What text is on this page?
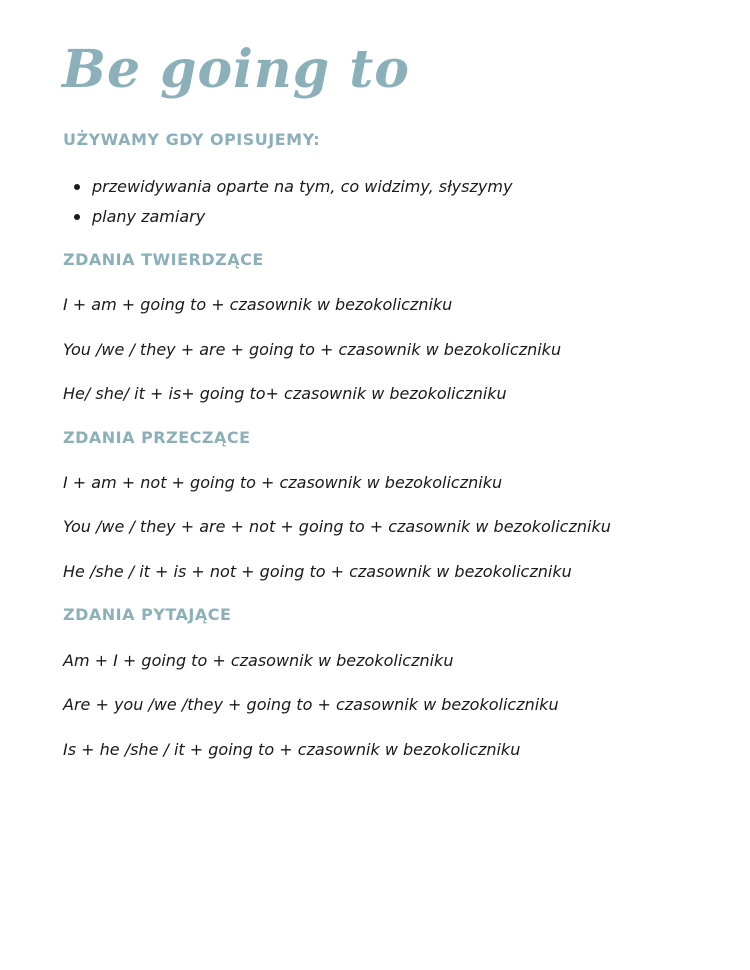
Be going to
UŻYWAMY GDY OPISUJEMY:
przewidywania oparte na tym, co widzimy, słyszymy
plany zamiary
ZDANIA TWIERDZĄCE

I + am + going to + czasownik w bezokoliczniku

You /we / they + are + going to + czasownik w bezokoliczniku

He/ she/ it + is+ going to+ czasownik w bezokoliczniku

ZDANIA PRZECZĄCE

I + am + not + going to + czasownik w bezokoliczniku

You /we / they + are + not + going to + czasownik w bezokoliczniku

He /she / it + is + not + going to + czasownik w bezokoliczniku

ZDANIA PYTAJĄCE

Am + I + going to + czasownik w bezokoliczniku

Are + you /we /they + going to + czasownik w bezokoliczniku

Is + he /she / it + going to + czasownik w bezokoliczniku
